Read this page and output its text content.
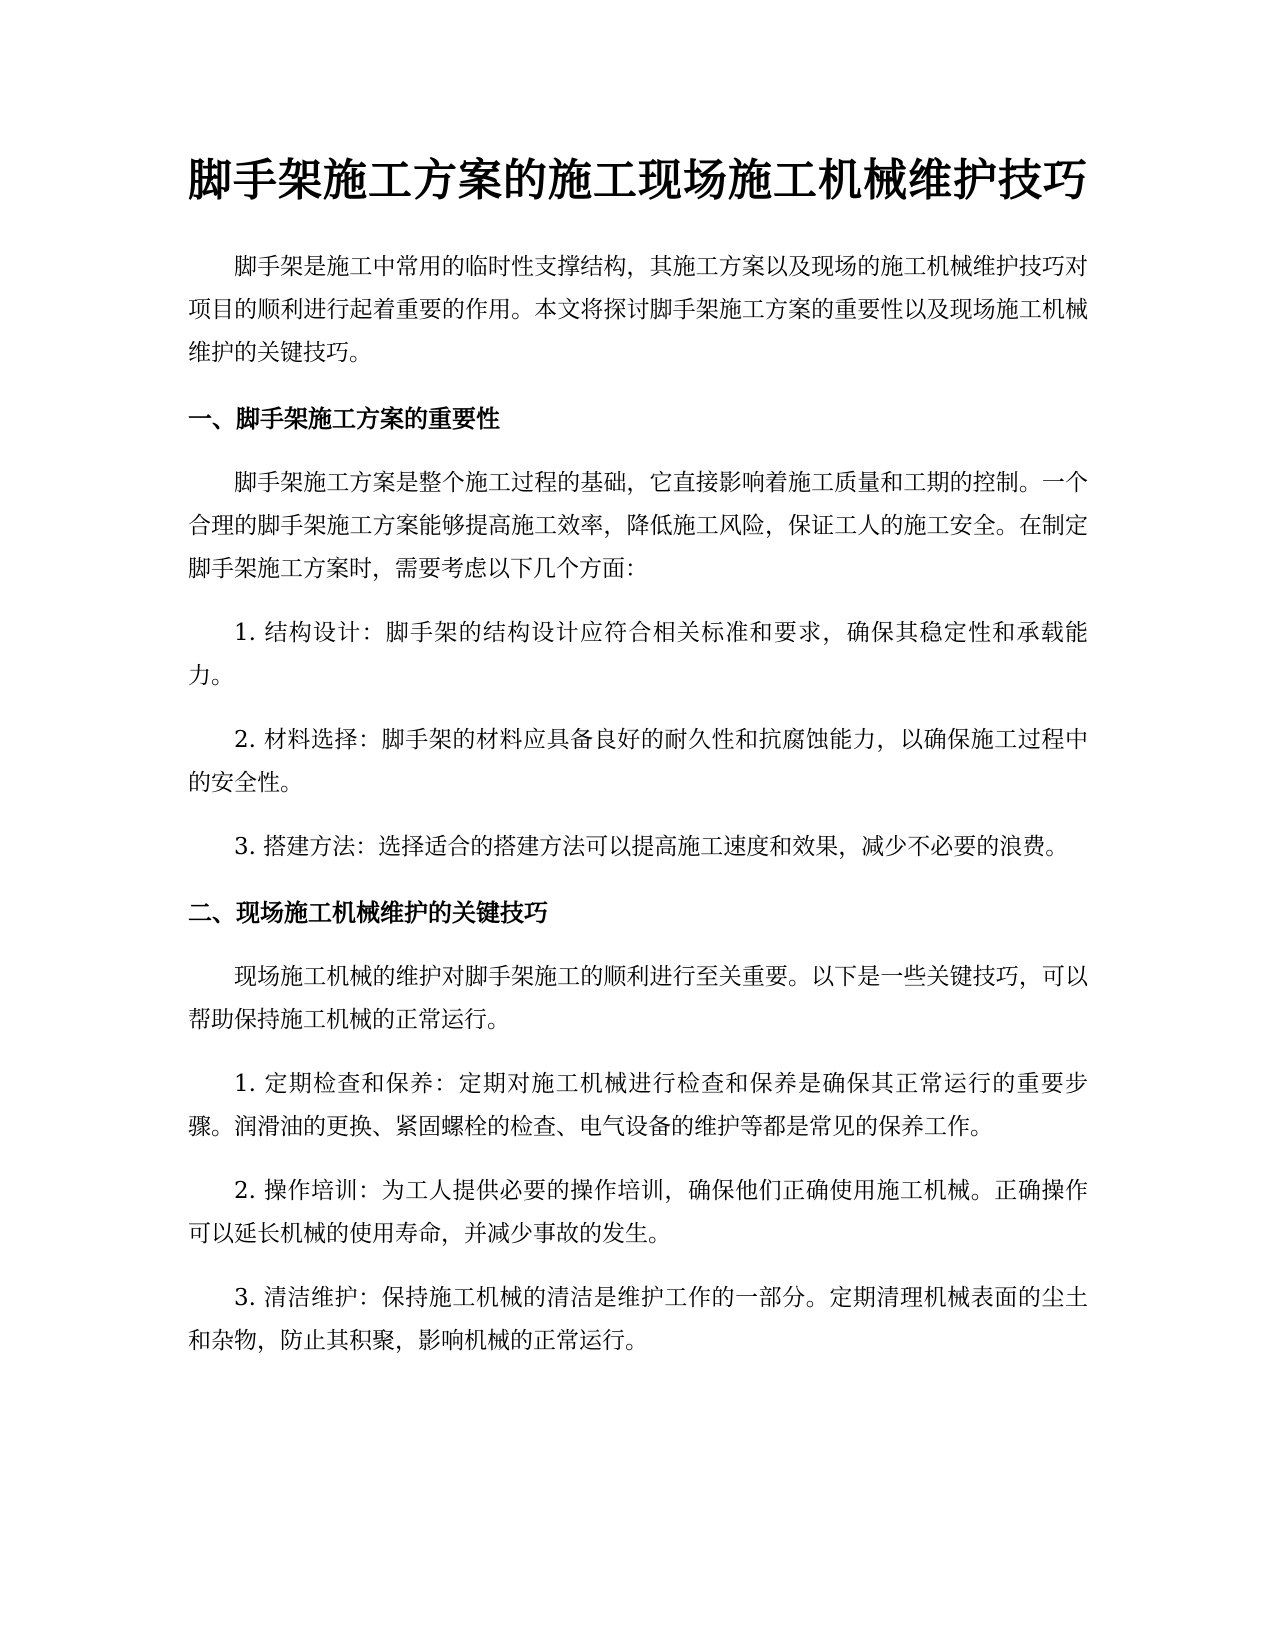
脚手架施工方案的施工现场施工机械维护技巧

脚手架是施工中常用的临时性支撑结构，其施工方案以及现场的施工机械维护技巧对项目的顺利进行起着重要的作用。本文将探讨脚手架施工方案的重要性以及现场施工机械维护的关键技巧。

一、脚手架施工方案的重要性

脚手架施工方案是整个施工过程的基础，它直接影响着施工质量和工期的控制。一个合理的脚手架施工方案能够提高施工效率，降低施工风险，保证工人的施工安全。在制定脚手架施工方案时，需要考虑以下几个方面：

1. 结构设计：脚手架的结构设计应符合相关标准和要求，确保其稳定性和承载能力。

2. 材料选择：脚手架的材料应具备良好的耐久性和抗腐蚀能力，以确保施工过程中的安全性。

3. 搭建方法：选择适合的搭建方法可以提高施工速度和效果，减少不必要的浪费。

二、现场施工机械维护的关键技巧

现场施工机械的维护对脚手架施工的顺利进行至关重要。以下是一些关键技巧，可以帮助保持施工机械的正常运行。

1. 定期检查和保养：定期对施工机械进行检查和保养是确保其正常运行的重要步骤。润滑油的更换、紧固螺栓的检查、电气设备的维护等都是常见的保养工作。

2. 操作培训：为工人提供必要的操作培训，确保他们正确使用施工机械。正确操作可以延长机械的使用寿命，并减少事故的发生。

3. 清洁维护：保持施工机械的清洁是维护工作的一部分。定期清理机械表面的尘土和杂物，防止其积聚，影响机械的正常运行。
